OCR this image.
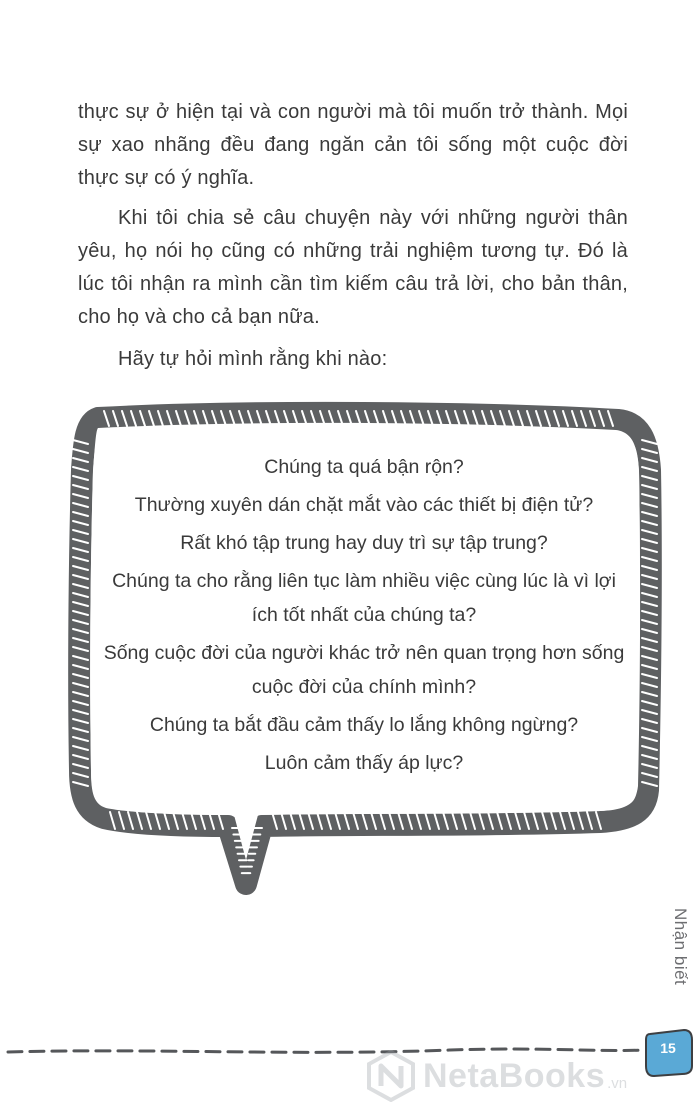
thực sự ở hiện tại và con người mà tôi muốn trở thành. Mọi sự xao nhãng đều đang ngăn cản tôi sống một cuộc đời thực sự có ý nghĩa.

Khi tôi chia sẻ câu chuyện này với những người thân yêu, họ nói họ cũng có những trải nghiệm tương tự. Đó là lúc tôi nhận ra mình cần tìm kiếm câu trả lời, cho bản thân, cho họ và cho cả bạn nữa.

Hãy tự hỏi mình rằng khi nào:

Chúng ta quá bận rộn?
Thường xuyên dán chặt mắt vào các thiết bị điện tử?
Rất khó tập trung hay duy trì sự tập trung?
Chúng ta cho rằng liên tục làm nhiều việc cùng lúc là vì lợi ích tốt nhất của chúng ta?
Sống cuộc đời của người khác trở nên quan trọng hơn sống cuộc đời của chính mình?
Chúng ta bắt đầu cảm thấy lo lắng không ngừng?
Luôn cảm thấy áp lực?
Nhận biết
15
NetaBooks .vn
